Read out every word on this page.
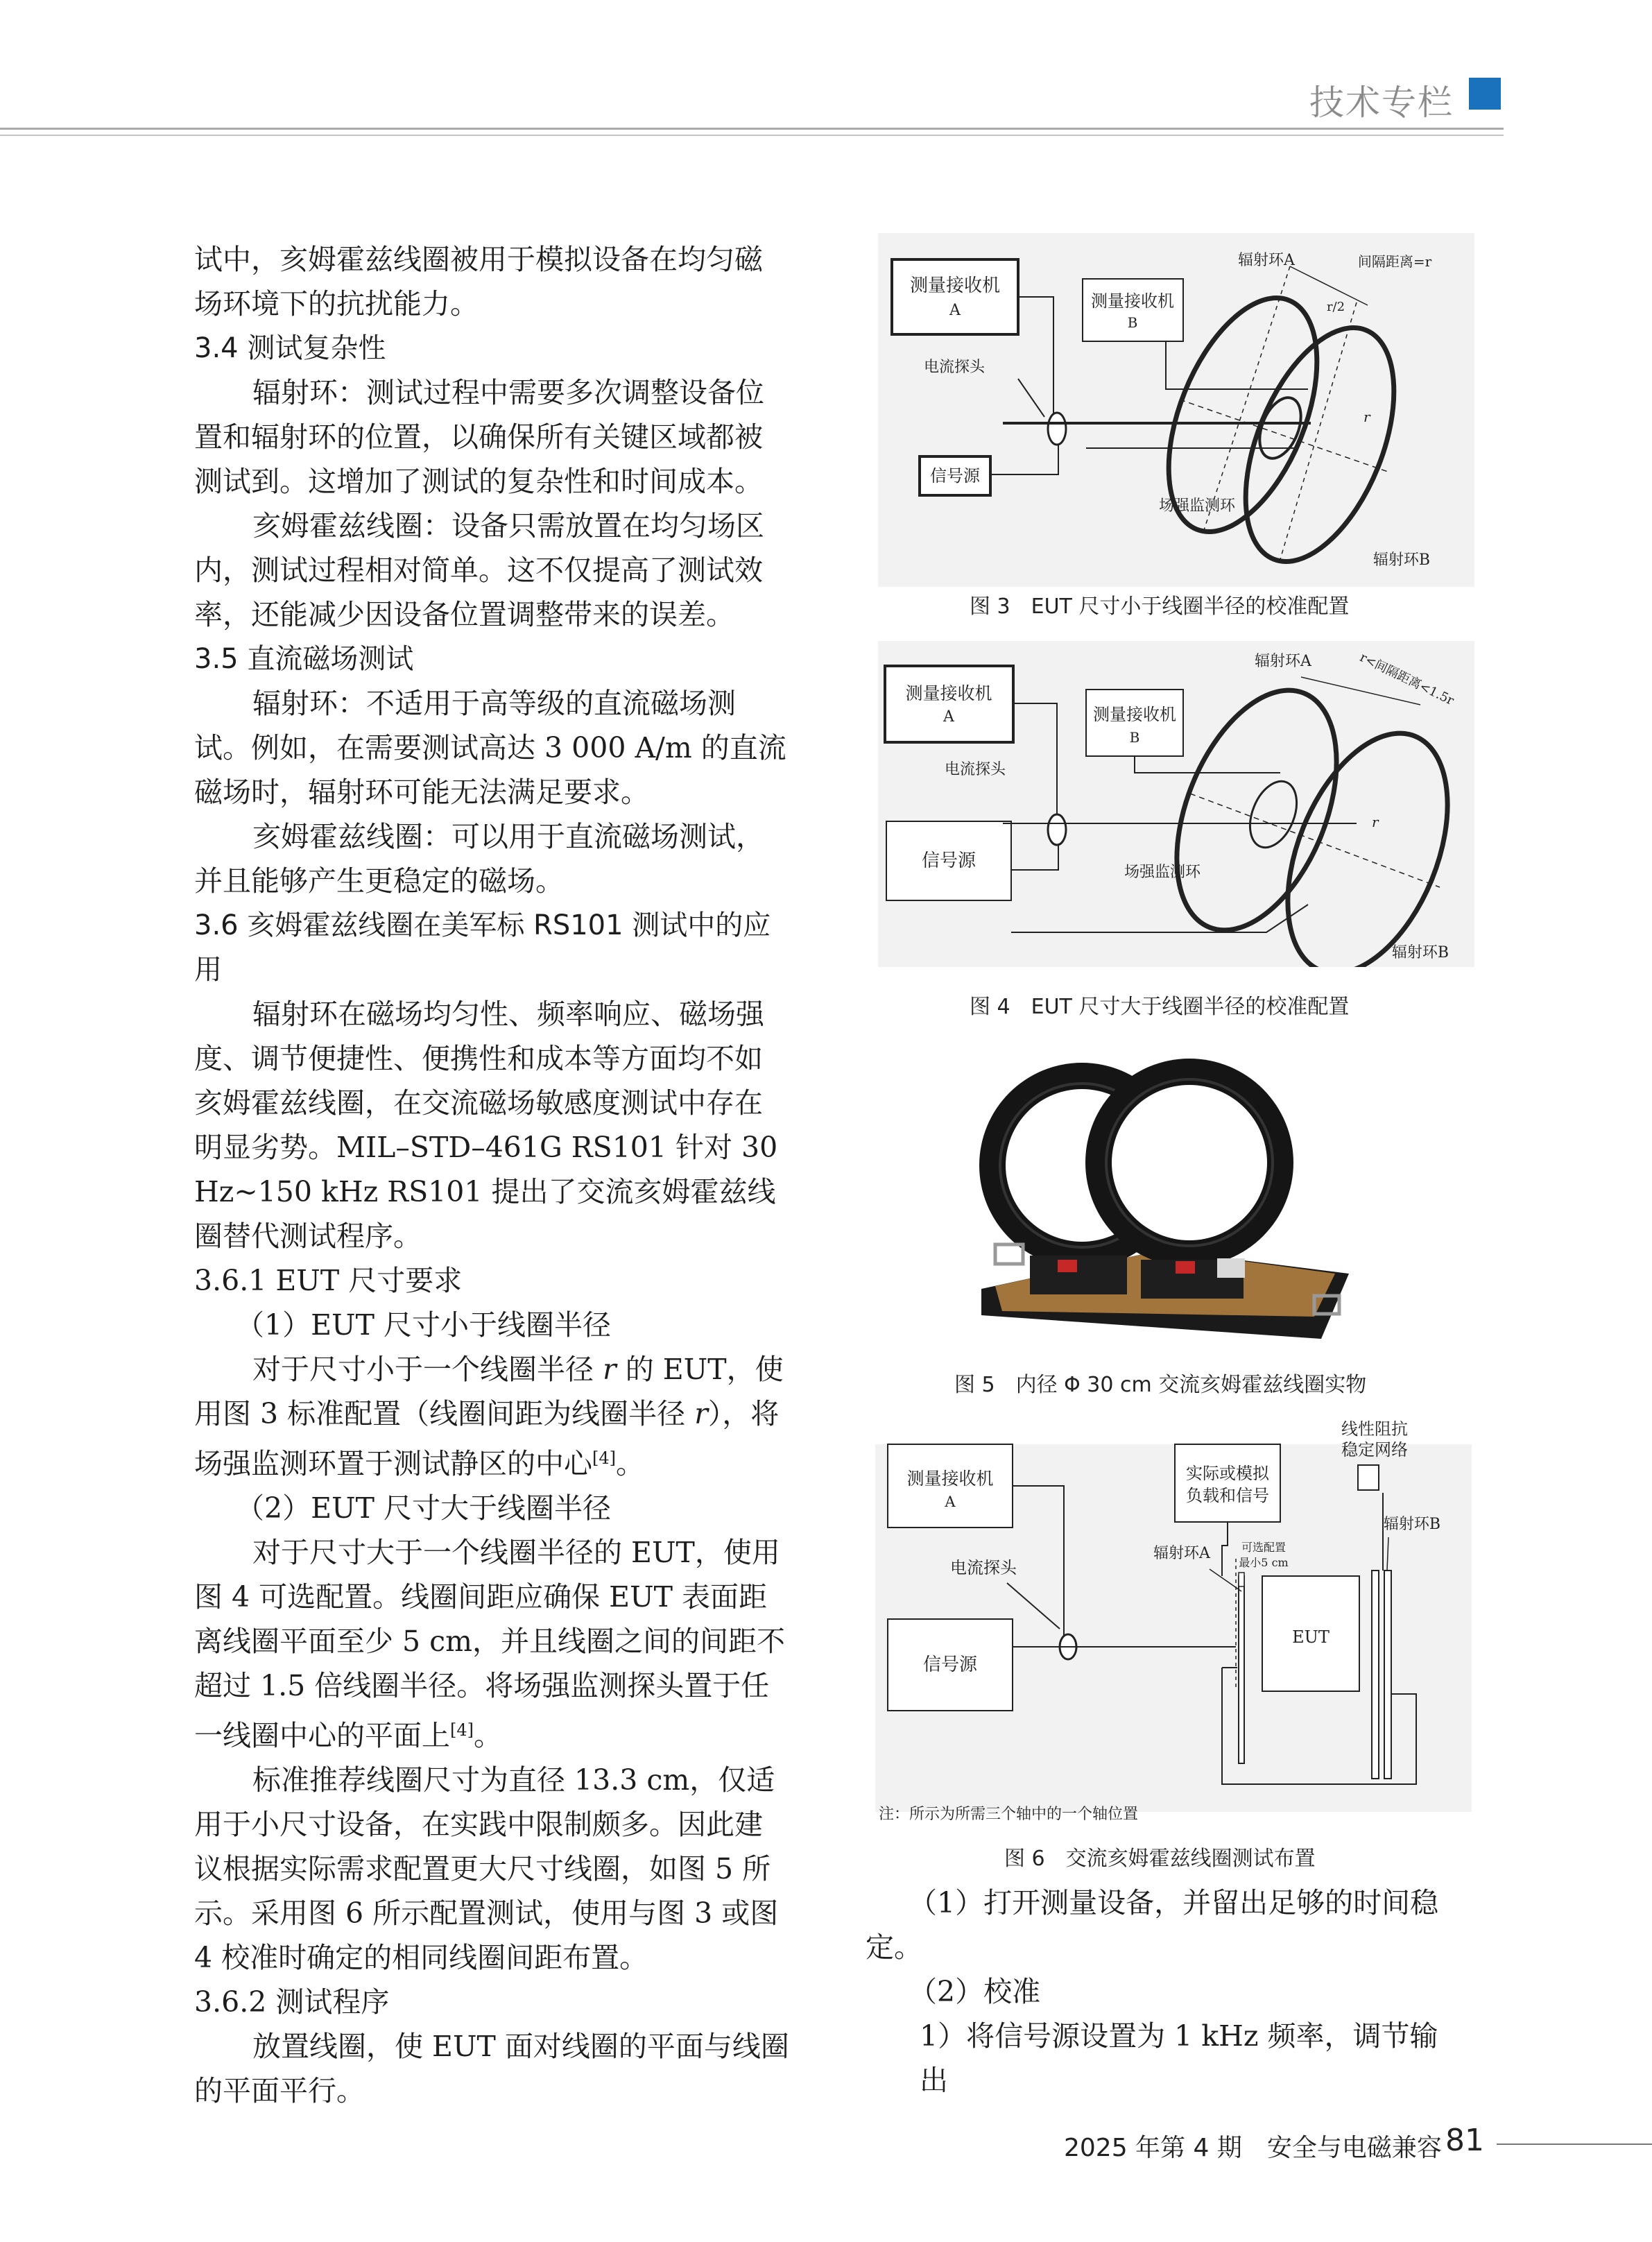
技术专栏

试中，亥姆霍兹线圈被用于模拟设备在均匀磁场环境下的抗扰能力。

3.4 测试复杂性

辐射环：测试过程中需要多次调整设备位置和辐射环的位置，以确保所有关键区域都被测试到。这增加了测试的复杂性和时间成本。

亥姆霍兹线圈：设备只需放置在均匀场区内，测试过程相对简单。这不仅提高了测试效率，还能减少因设备位置调整带来的误差。

3.5 直流磁场测试

辐射环：不适用于高等级的直流磁场测试。例如，在需要测试高达 3 000 A/m 的直流磁场时，辐射环可能无法满足要求。

亥姆霍兹线圈：可以用于直流磁场测试，并且能够产生更稳定的磁场。

3.6 亥姆霍兹线圈在美军标 RS101 测试中的应用

辐射环在磁场均匀性、频率响应、磁场强度、调节便捷性、便携性和成本等方面均不如亥姆霍兹线圈，在交流磁场敏感度测试中存在明显劣势。MIL–STD–461G RS101 针对 30 Hz~150 kHz RS101 提出了交流亥姆霍兹线圈替代测试程序。

3.6.1 EUT 尺寸要求

（1）EUT 尺寸小于线圈半径

对于尺寸小于一个线圈半径 r 的 EUT，使用图 3 标准配置（线圈间距为线圈半径 r），将场强监测环置于测试静区的中心[4]。

（2）EUT 尺寸大于线圈半径

对于尺寸大于一个线圈半径的 EUT，使用图 4 可选配置。线圈间距应确保 EUT 表面距离线圈平面至少 5 cm，并且线圈之间的间距不超过 1.5 倍线圈半径。将场强监测探头置于任一线圈中心的平面上[4]。

标准推荐线圈尺寸为直径 13.3 cm，仅适用于小尺寸设备，在实践中限制颇多。因此建议根据实际需求配置更大尺寸线圈，如图 5 所示。采用图 6 所示配置测试，使用与图 3 或图 4 校准时确定的相同线圈间距布置。

3.6.2 测试程序

放置线圈，使 EUT 面对线圈的平面与线圈的平面平行。

测量接收机
A	测量接收机
B
信号源
电流探头
辐射环A	间隔距离=r
r/2
r
场强监测环
辐射环B
图 3　EUT 尺寸小于线圈半径的校准配置
测量接收机
A	测量接收机
B
信号源
电流探头
辐射环A	r<间隔距离<1.5r
r
场强监测环
辐射环B
图 4　EUT 尺寸大于线圈半径的校准配置
图 5　内径 Φ 30 cm 交流亥姆霍兹线圈实物
测量接收机
A
实际或模拟
负载和信号
线性阻抗
稳定网络
电流探头
信号源
辐射环A
辐射环B
可选配置
最小5 cm
EUT
注：所示为所需三个轴中的一个轴位置
图 6　交流亥姆霍兹线圈测试布置

（1）打开测量设备，并留出足够的时间稳定。

（2）校准

1）将信号源设置为 1 kHz 频率，调节输出

2025 年第 4 期　安全与电磁兼容 81
